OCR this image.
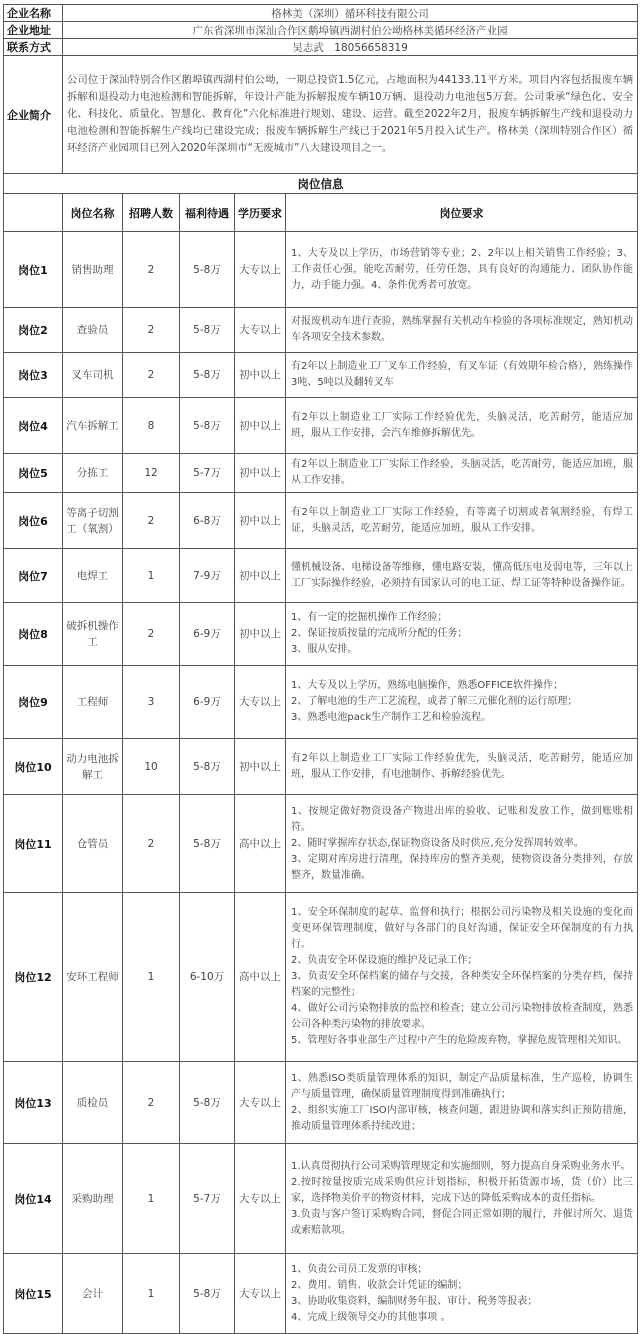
企业名称	格林美（深圳）循环科技有限公司				
企业地址	广东省深圳市深汕合作区鹅埠镇西湖村伯公坳格林美循环经济产业园				
联系方式	吴志武　18056658319				
企业简介	公司位于深汕特别合作区鹅埠镇西湖村伯公坳，一期总投资1.5亿元，占地面积为44133.11平方米。项目内容包括报废车辆拆解和退役动力电池检测和智能拆解，年设计产能为拆解报废车辆10万辆、退役动力电池包5万套。公司秉承“绿色化、安全化、科技化、质量化、智慧化、教育化”六化标准进行规划、建设、运营。截至2022年2月，报废车辆拆解生产线和退役动力电池检测和智能拆解生产线均已建设完成；报废车辆拆解生产线已于2021年5月投入试生产。格林美（深圳特别合作区）循环经济产业园项目已列入2020年深圳市“无废城市”八大建设项目之一。				
岗位信息					
	岗位名称	招聘人数	福利待遇	学历要求	岗位要求
岗位1	销售助理	2	5-8万	大专以上	1、大专及以上学历，市场营销等专业；2、2年以上相关销售工作经验；3、工作责任心强，能吃苦耐劳，任劳任怨，具有良好的沟通能力、团队协作能力，动手能力强。4、条件优秀者可放宽。

岗位2	查验员	2	5-8万	大专以上	对报废机动车进行查验，熟练掌握有关机动车检验的各项标准规定，熟知机动车各项安全技术参数。

岗位3	叉车司机	2	5-8万	初中以上	有2年以上制造业工厂叉车工作经验，有叉车证（有效期年检合格），熟练操作3吨、5吨以及翻转叉车

岗位4	汽车拆解工	8	5-8万	初中以上	有2年以上制造业工厂实际工作经验优先，头脑灵活，吃苦耐劳，能适应加班，服从工作安排，会汽车维修拆解优先。

岗位5	分拣工	12	5-7万	初中以上	有2年以上制造业工厂实际工作经验，头脑灵活，吃苦耐劳，能适应加班，服从工作安排。

岗位6	等离子切割工（氧割）	2	6-8万	初中以上	有2年以上制造业工厂实际工作经验，有等离子切割或者氧割经验，有焊工证，头脑灵活，吃苦耐劳，能适应加班，服从工作安排。

岗位7	电焊工	1	7-9万	初中以上	懂机械设备、电梯设备等维修，懂电路安装，懂高低压电及弱电等，三年以上工厂实际操作经验，必须持有国家认可的电工证、焊工证等特种设备操作证。

岗位8	破拆机操作工	2	6-9万	初中以上	1、有一定的挖掘机操作工作经验；
2、保证按质按量的完成所分配的任务；
3、服从安排。

岗位9	工程师	3	6-9万	大专以上	1、大专及以上学历，熟练电脑操作，熟悉OFFICE软件操作；
2、了解电池的生产工艺流程，或者了解三元催化剂的运行原理；
3、熟悉电池pack生产制作工艺和检验流程。

岗位10	动力电池拆解工	10	5-8万	初中以上	有2年以上制造业工厂实际工作经验优先，头脑灵活，吃苦耐劳，能适应加班，服从工作安排，有电池制作、拆解经验优先。

岗位11	仓管员	2	5-8万	高中以上	1、按规定做好物资设备产物进出库的验收、记账和发放工作，做到账账相符。
2、随时掌握库存状态,保证物资设备及时供应,充分发挥周转效率。
3、定期对库房进行清理，保持库房的整齐美观，使物资设备分类排列，存放整齐，数量准确。

岗位12	安环工程师	1	6-10万	高中以上	1、安全环保制度的起草、监督和执行；根据公司污染物及相关设施的变化而变更环保管理制度，做好与各部门的良好沟通，保证安全环保制度的有力执行。
2、负责安全环保设施的维护及记录工作；
3、负责安全环保档案的储存与交接，各种类安全环保档案的分类存档，保持档案的完整性；
4、做好公司污染物排放的监控和检查；建立公司污染物排放检查制度，熟悉公司各种类污染物的排放要求。
5、管理好各事业部生产过程中产生的危险废弃物，掌握危废管理相关知识。

岗位13	质检员	2	5-8万	大专以上	1、熟悉ISO类质量管理体系的知识，制定产品质量标准，生产巡检，协调生产与质量管理，确保质量管理制度得到准确执行；
2、组织实施工厂ISO内部审核，核查问题，跟进协调和落实纠正预防措施，推动质量管理体系持续改进；

岗位14	采购助理	1	5-7万	大专以上	1.认真贯彻执行公司采购管理规定和实施细则，努力提高自身采购业务水平。
2.按时按量按质完成采购供应计划指标，积极开拓货源市场，货（价）比三家，选择物美价平的物资材料，完成下达的降低采购成本的责任指标。
3.负责与客户签订采购购合同，督促合同正常如期的履行，并催讨所欠、退货或索赔款项。

岗位15	会计	1	5-8万	大专以上	1、负责公司员工发票的审核；
2、费用、销售、收款会计凭证的编制；
3、协助收集资料，编制财务年报、审计、税务等报表；
4、完成上级领导交办的其他事项 。
